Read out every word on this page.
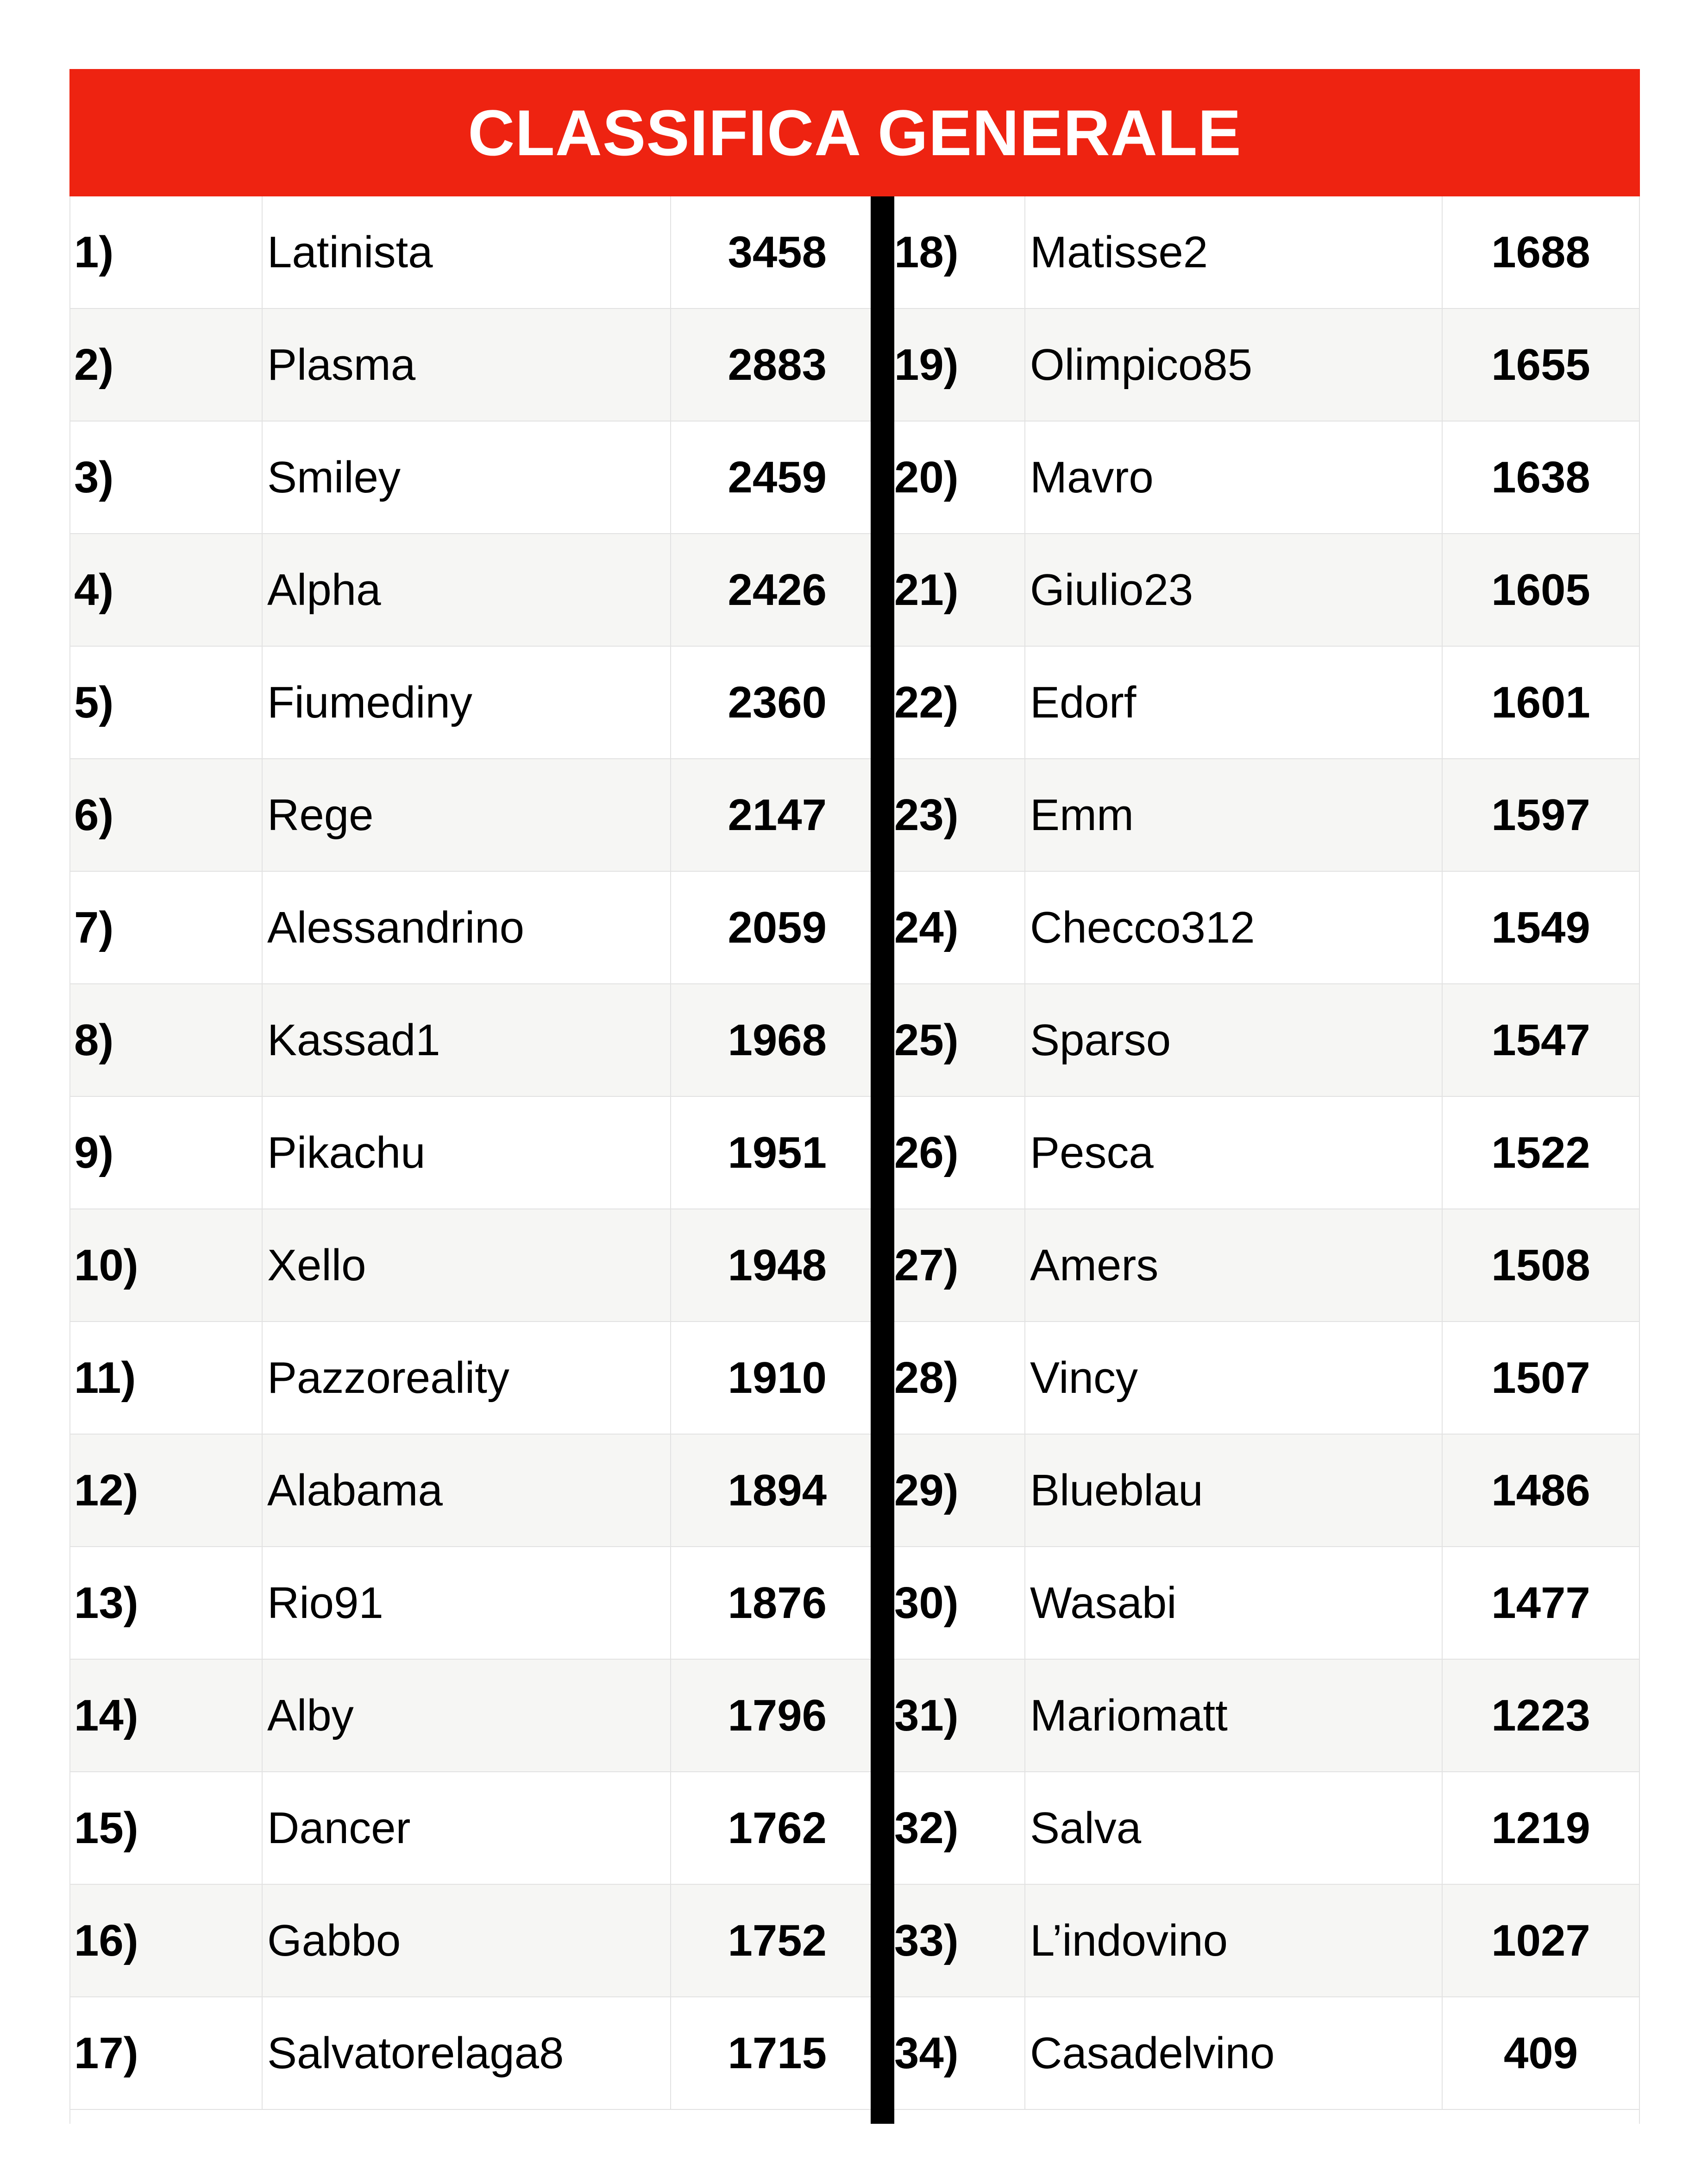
CLASSIFICA GENERALE
1)	Latinista	3458
2)	Plasma	2883
3)	Smiley	2459
4)	Alpha	2426
5)	Fiumediny	2360
6)	Rege	2147
7)	Alessandrino	2059
8)	Kassad1	1968
9)	Pikachu	1951
10)	Xello	1948
11)	Pazzoreality	1910
12)	Alabama	1894
13)	Rio91	1876
14)	Alby	1796
15)	Dancer	1762
16)	Gabbo	1752
17)	Salvatorelaga8	1715
18)	Matisse2	1688
19)	Olimpico85	1655
20)	Mavro	1638
21)	Giulio23	1605
22)	Edorf	1601
23)	Emm	1597
24)	Checco312	1549
25)	Sparso	1547
26)	Pesca	1522
27)	Amers	1508
28)	Vincy	1507
29)	Blueblau	1486
30)	Wasabi	1477
31)	Mariomatt	1223
32)	Salva	1219
33)	L’indovino	1027
34)	Casadelvino	409
